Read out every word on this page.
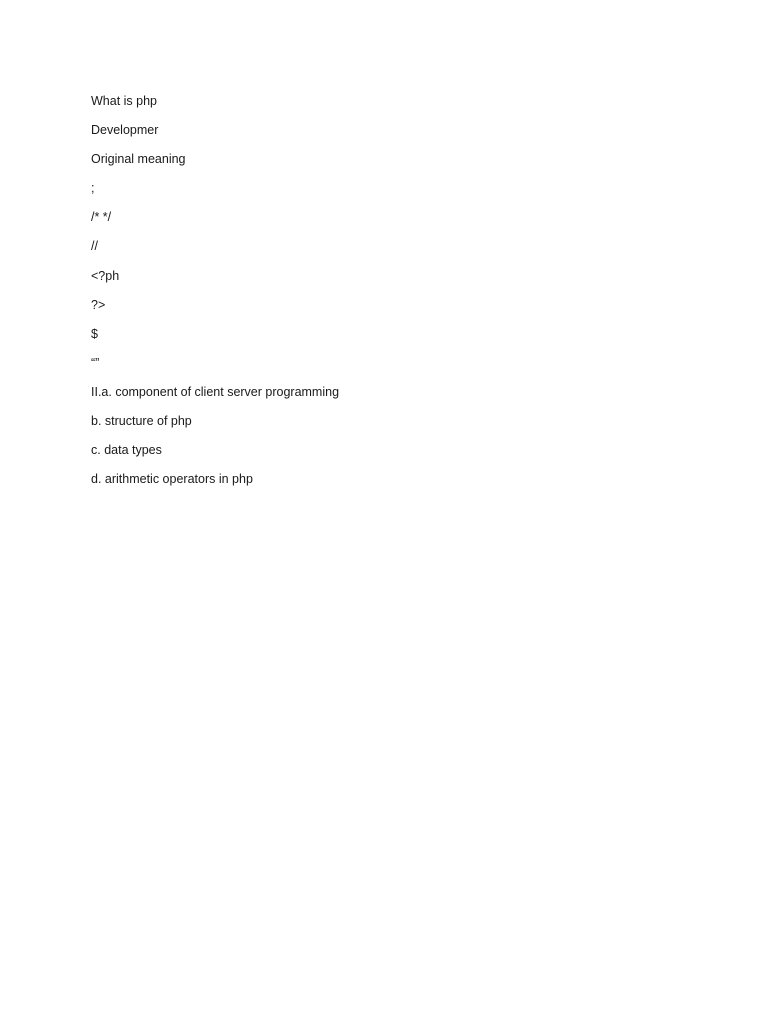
What is php
Developmer
Original meaning
;
/* */
//
<?ph
?>
$
“”
II.a. component of client server programming
b. structure of php
c. data types
d. arithmetic operators in php
